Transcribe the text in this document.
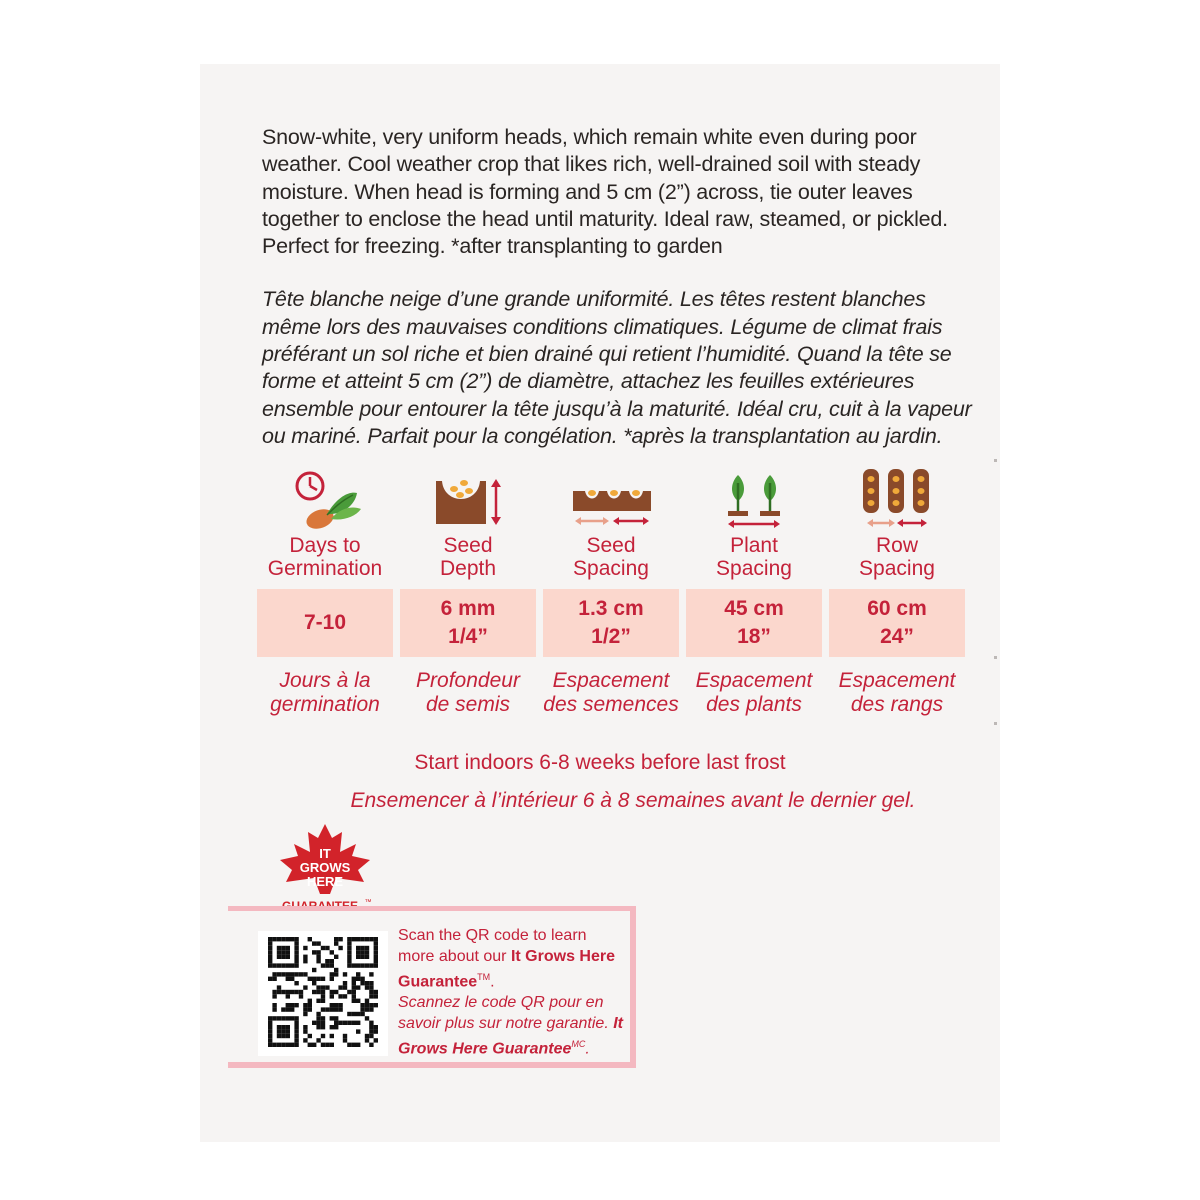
Snow-white, very uniform heads, which remain white even during poor weather. Cool weather crop that likes rich, well-drained soil with steady moisture. When head is forming and 5 cm (2”) across, tie outer leaves together to enclose the head until maturity. Ideal raw, steamed, or pickled. Perfect for freezing. *after transplanting to garden

Tête blanche neige d’une grande uniformité. Les têtes restent blanches même lors des mauvaises conditions climatiques. Légume de climat frais préférant un sol riche et bien drainé qui retient l’humidité. Quand la tête se forme et atteint 5 cm (2”) de diamètre, attachez les feuilles extérieures ensemble pour entourer la tête jusqu’à la maturité. Idéal cru, cuit à la vapeur ou mariné. Parfait pour la congélation. *après la transplantation au jardin.

Days to
Germination
7-10
Jours à la
germination
Seed
Depth
6 mm
1/4”
Profondeur
de semis
Seed
Spacing
1.3 cm
1/2”
Espacement
des semences
Plant
Spacing
45 cm
18”
Espacement
des plants
Row
Spacing
60 cm
24”
Espacement
des rangs
Start indoors 6-8 weeks before last frost
Ensemencer à l’intérieur 6 à 8 semaines avant le dernier gel.
IT
GROWS
HERE
GUARANTEE ™
Scan the QR code to learn more about our It Grows Here Guarantee™.
Scannez le code QR pour en savoir plus sur notre garantie. It Grows Here Guarantee$^{MC}$.
